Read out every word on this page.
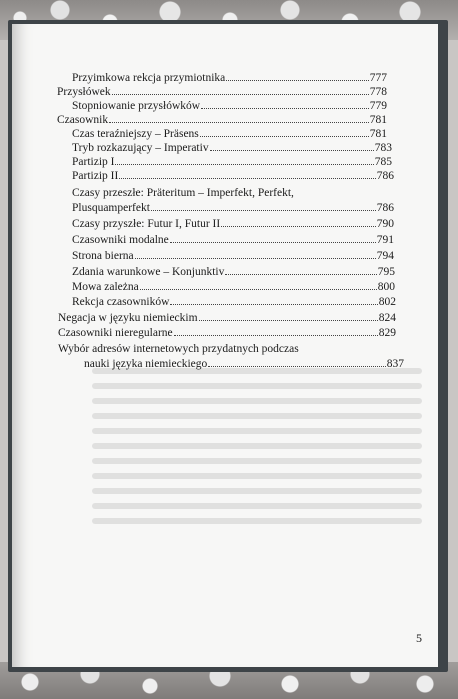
Przyimkowa rekcja przymiotnika	777
Przysłówek	778
Stopniowanie przysłówków	779
Czasownik	781
Czas teraźniejszy – Präsens	781
Tryb rozkazujący – Imperativ	783
Partizip I	785
Partizip II	786
Czasy przeszłe: Präteritum – Imperfekt, Perfekt,
Plusquamperfekt	786
Czasy przyszłe: Futur I, Futur II	790
Czasowniki modalne	791
Strona bierna	794
Zdania warunkowe – Konjunktiv	795
Mowa zależna	800
Rekcja czasowników	802
Negacja w języku niemieckim	824
Czasowniki nieregularne	829
Wybór adresów internetowych przydatnych podczas
nauki języka niemieckiego	837
5
